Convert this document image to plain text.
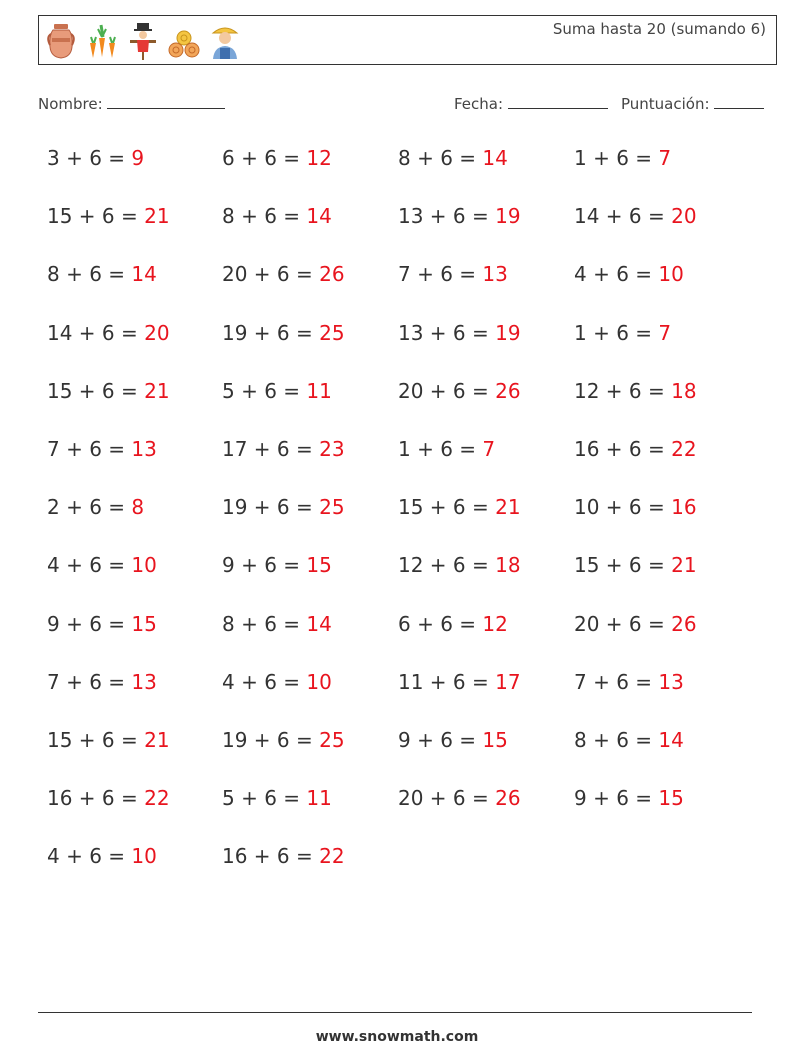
Suma hasta 20 (sumando 6)
Nombre:	Fecha:	Puntuación:
3 + 6 = 9	6 + 6 = 12	8 + 6 = 14	1 + 6 = 7
15 + 6 = 21	8 + 6 = 14	13 + 6 = 19	14 + 6 = 20
8 + 6 = 14	20 + 6 = 26	7 + 6 = 13	4 + 6 = 10
14 + 6 = 20	19 + 6 = 25	13 + 6 = 19	1 + 6 = 7
15 + 6 = 21	5 + 6 = 11	20 + 6 = 26	12 + 6 = 18
7 + 6 = 13	17 + 6 = 23	1 + 6 = 7	16 + 6 = 22
2 + 6 = 8	19 + 6 = 25	15 + 6 = 21	10 + 6 = 16
4 + 6 = 10	9 + 6 = 15	12 + 6 = 18	15 + 6 = 21
9 + 6 = 15	8 + 6 = 14	6 + 6 = 12	20 + 6 = 26
7 + 6 = 13	4 + 6 = 10	11 + 6 = 17	7 + 6 = 13
15 + 6 = 21	19 + 6 = 25	9 + 6 = 15	8 + 6 = 14
16 + 6 = 22	5 + 6 = 11	20 + 6 = 26	9 + 6 = 15
4 + 6 = 10	16 + 6 = 22
www.snowmath.com
